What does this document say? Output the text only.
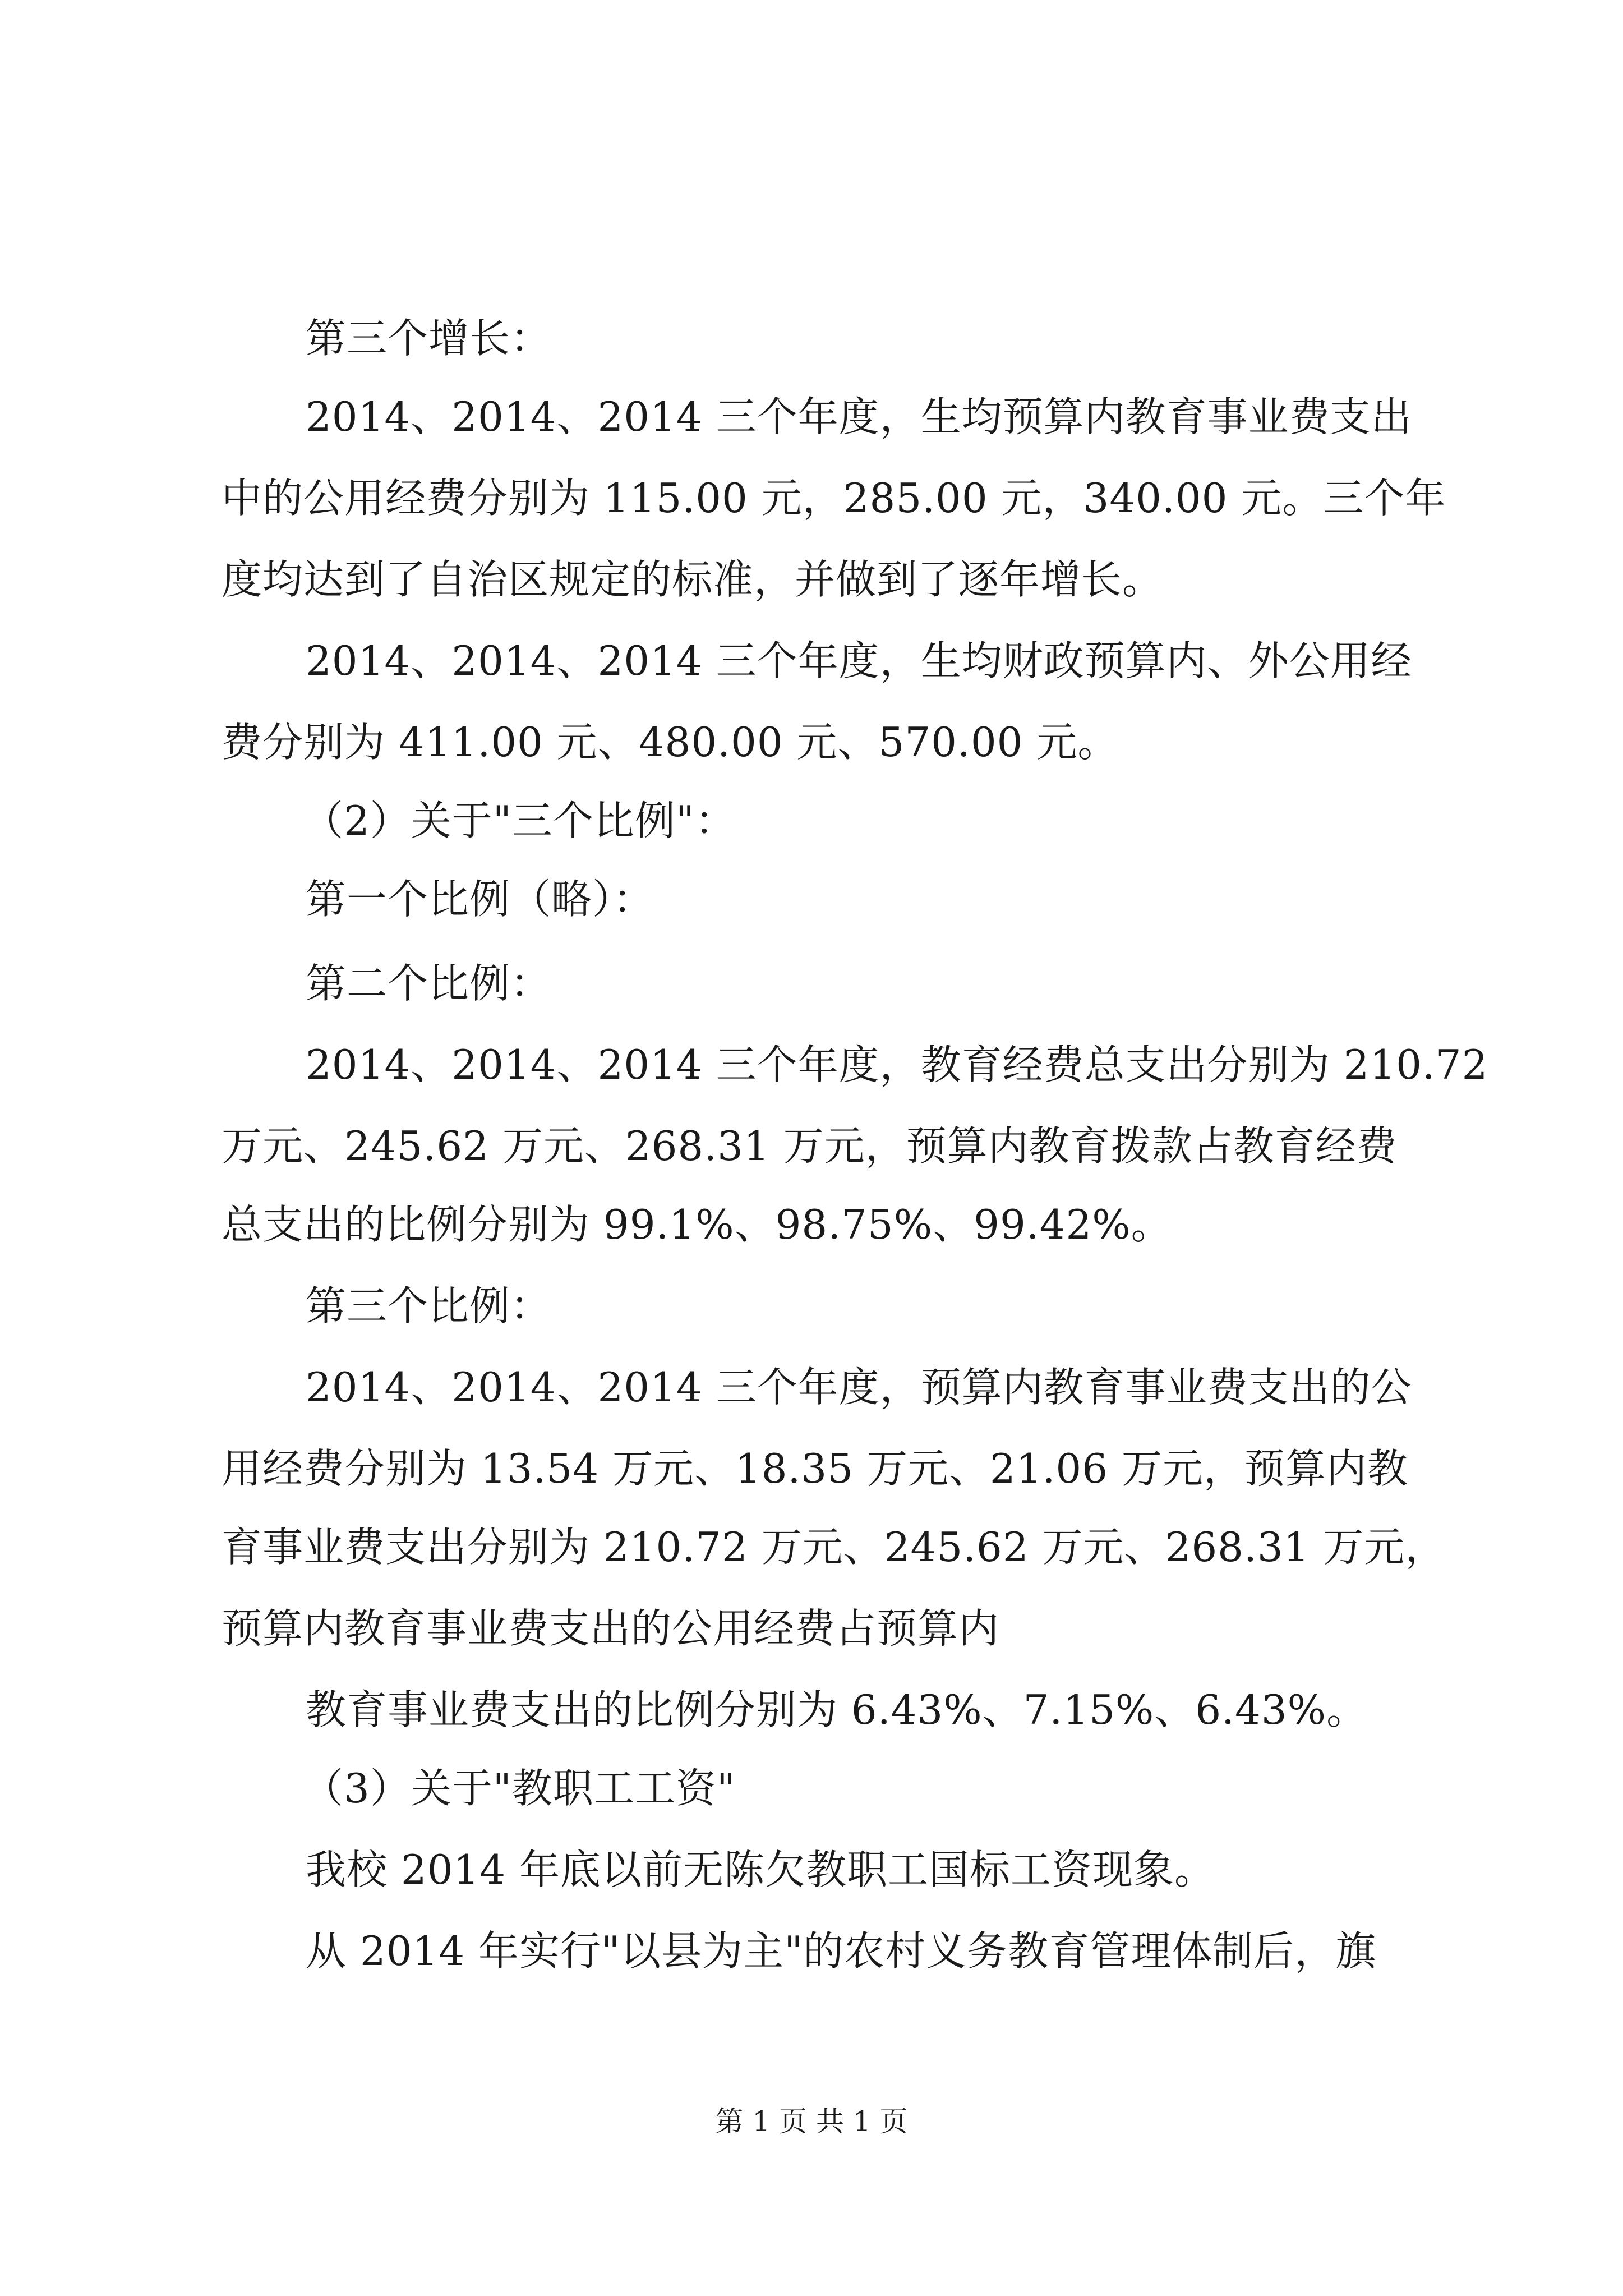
第三个增长：
2014、2014、2014 三个年度，生均预算内教育事业费支出
中的公用经费分别为 115.00 元，285.00 元，340.00 元。三个年
度均达到了自治区规定的标准，并做到了逐年增长。
2014、2014、2014 三个年度，生均财政预算内、外公用经
费分别为 411.00 元、480.00 元、570.00 元。
（2）关于"三个比例"：
第一个比例（略）：
第二个比例：
2014、2014、2014 三个年度，教育经费总支出分别为 210.72
万元、245.62 万元、268.31 万元，预算内教育拨款占教育经费
总支出的比例分别为 99.1%、98.75%、99.42%。
第三个比例：
2014、2014、2014 三个年度，预算内教育事业费支出的公
用经费分别为 13.54 万元、18.35 万元、21.06 万元，预算内教
育事业费支出分别为 210.72 万元、245.62 万元、268.31 万元，
预算内教育事业费支出的公用经费占预算内
教育事业费支出的比例分别为 6.43%、7.15%、6.43%。
（3）关于"教职工工资"
我校 2014 年底以前无陈欠教职工国标工资现象。
从 2014 年实行"以县为主"的农村义务教育管理体制后，旗
第 1 页 共 1 页
